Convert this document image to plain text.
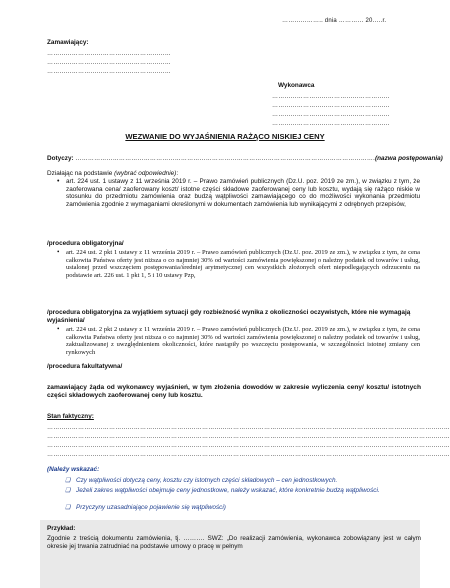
……………….. dnia ………… 20…..r.
Zamawiający:
……………………………………………………
……………………………………………………
……………………………………………………
Wykonawca
…………………………………………………
…………………………………………………
…………………………………………………
…………………………………………………
WEZWANIE DO WYJAŚNIENIA RAŻĄCO NISKIEJ CENY
Dotyczy: ……………………………………………………………………………………………………………………………….(nazwa postępowania)
Działając na podstawie (wybrać odpowiednie):
• art. 224 ust. 1 ustawy z 11 września 2019 r. – Prawo zamówień publicznych (Dz.U. poz. 2019 ze zm.), w związku z tym, że zaoferowana cena/ zaoferowany koszt/ istotne części składowe zaoferowanej ceny lub kosztu, wydają się rażąco niskie w stosunku do przedmiotu zamówienia oraz budzą wątpliwości zamawiającego co do możliwości wykonania przedmiotu zamówienia zgodnie z wymaganiami określonymi w dokumentach zamówienia lub wynikającymi z odrębnych przepisów,
/procedura obligatoryjna/
• art. 224 ust. 2 pkt 1 ustawy z 11 września 2019 r. – Prawo zamówień publicznych (Dz.U. poz. 2019 ze zm.), w związku z tym, że cena całkowita Państwa oferty jest niższa o co najmniej 30% od wartości zamówienia powiększonej o należny podatek od towarów i usług, ustalonej przed wszczęciem postępowania/średniej arytmetycznej cen wszystkich złożonych ofert niepodlegających odrzuceniu na podstawie art. 226 ust. 1 pkt 1, 5 i 10 ustawy Pzp,
/procedura obligatoryjna za wyjątkiem sytuacji gdy rozbieżność wynika z okoliczności oczywistych, które nie wymagają wyjaśnienia/
• art. 224 ust. 2 pkt 2 ustawy z 11 września 2019 r. – Prawo zamówień publicznych (Dz.U. poz. 2019 ze zm.), w związku z tym, że cena całkowita Państwa oferty jest niższa o co najmniej 30% od wartości zamówienia powiększonej o należny podatek od towarów i usług, zaktualizowanej z uwzględnieniem okoliczności, które nastąpiły po wszczęciu postępowania, w szczególności istotnej zmiany cen rynkowych
/procedura fakultatywna/
zamawiający żąda od wykonawcy wyjaśnień, w tym złożenia dowodów w zakresie wyliczenia ceny/ kosztu/ istotnych części składowych zaoferowanej ceny lub kosztu.
Stan faktyczny:
……………………………………………………………………………………………………………………………………………………………………………
……………………………………………………………………………………………………………………………………………………………………………
……………………………………………………………………………………………………………………………………………………………………………
……………………………………………………………………………………………………………………………………………………………………………
(Należy wskazać:
❑ Czy wątpliwości dotyczą ceny, kosztu czy istotnych części składowych – cen jednostkowych.
❑ Jeżeli zakres wątpliwości obejmuje ceny jednostkowe, należy wskazać, które konkretnie budzą wątpliwości.
❑ Przyczyny uzasadniające pojawienie się wątpliwości)
Przykład:
Zgodnie z treścią dokumentu zamówienia, tj. ………. SWZ: „Do realizacji zamówienia, wykonawca zobowiązany jest w całym okresie jej trwania zatrudniać na podstawie umowy o pracę w pełnym
